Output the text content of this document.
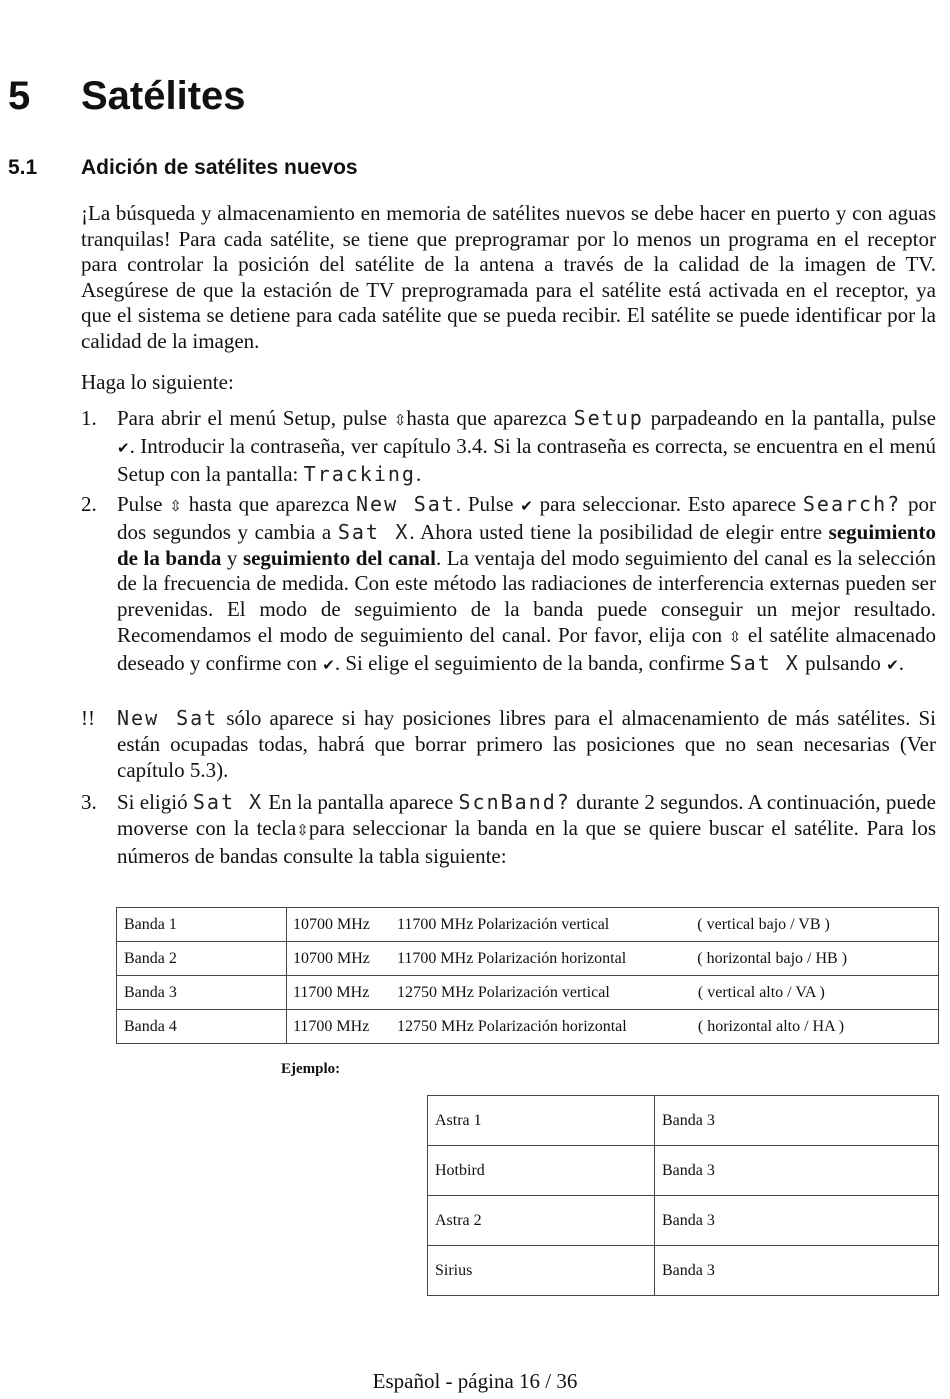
5 Satélites
5.1 Adición de satélites nuevos
¡La búsqueda y almacenamiento en memoria de satélites nuevos se debe hacer en puerto y con aguas tranquilas! Para cada satélite, se tiene que preprogramar por lo menos un programa en el receptor para controlar la posición del satélite de la antena a través de la calidad de la imagen de TV. Asegúrese de que la estación de TV preprogramada para el satélite está activada en el receptor, ya que el sistema se detiene para cada satélite que se pueda recibir. El satélite se puede identificar por la calidad de la imagen.
Haga lo siguiente:
1. Para abrir el menú Setup, pulse ⇳hasta que aparezca Setup parpadeando en la pantalla, pulse ✔. Introducir la contraseña, ver capítulo 3.4. Si la contraseña es correcta, se encuentra en el menú Setup con la pantalla: Tracking.
2. Pulse ⇳ hasta que aparezca New Sat. Pulse ✔ para seleccionar. Esto aparece Search? por dos segundos y cambia a Sat X. Ahora usted tiene la posibilidad de elegir entre seguimiento de la banda y seguimiento del canal. La ventaja del modo seguimiento del canal es la selección de la frecuencia de medida. Con este método las radiaciones de interferencia externas pueden ser prevenidas. El modo de seguimiento de la banda puede conseguir un mejor resultado. Recomendamos el modo de seguimiento del canal. Por favor, elija con ⇳ el satélite almacenado deseado y confirme con ✔. Si elige el seguimiento de la banda, confirme Sat X pulsando ✔.
!!	New Sat sólo aparece si hay posiciones libres para el almacenamiento de más satélites. Si están ocupadas todas, habrá que borrar primero las posiciones que no sean necesarias (Ver capítulo 5.3).
3. Si eligió Sat X En la pantalla aparece ScnBand? durante 2 segundos. A continuación, puede moverse con la tecla⇳para seleccionar la banda en la que se quiere buscar el satélite. Para los números de bandas consulte la tabla siguiente:
Banda 1	10700 MHz 11700 MHz Polarización vertical ( vertical bajo / VB )
Banda 2	10700 MHz 11700 MHz Polarización horizontal ( horizontal bajo / HB )
Banda 3	11700 MHz 12750 MHz Polarización vertical ( vertical alto / VA )
Banda 4	11700 MHz 12750 MHz Polarización horizontal ( horizontal alto / HA )
Ejemplo:
Astra 1	Banda 3
Hotbird	Banda 3
Astra 2	Banda 3
Sirius	Banda 3
Español - página 16 / 36
